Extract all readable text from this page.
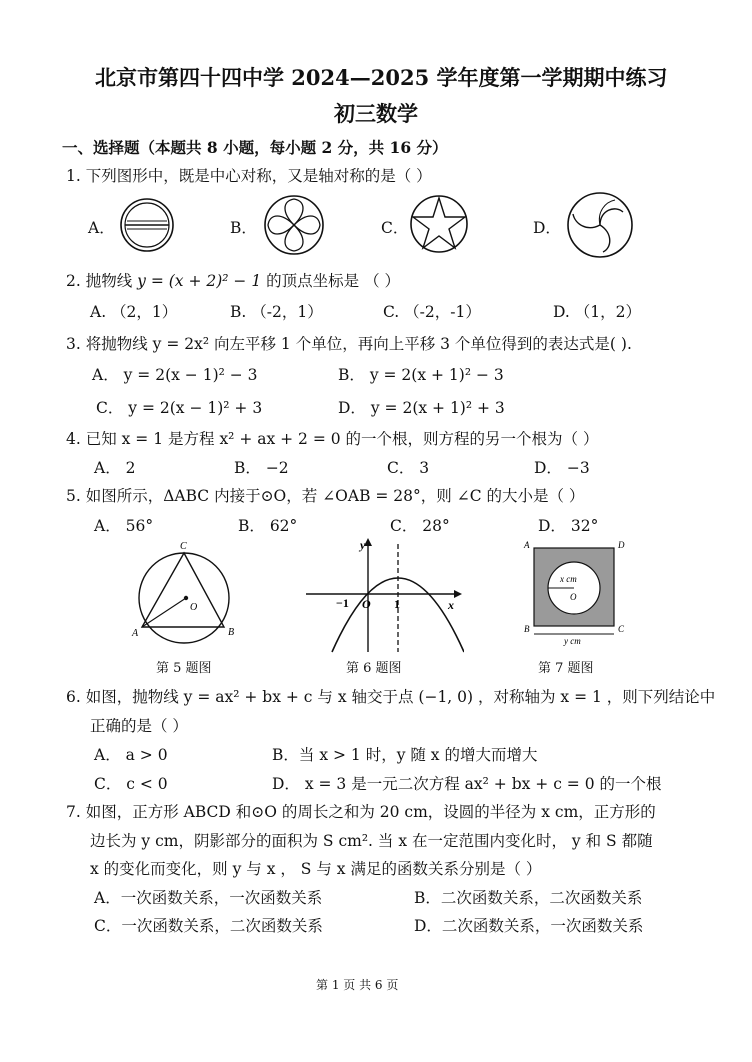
北京市第四十四中学 2024—2025 学年度第一学期期中练习
初三数学
一、选择题（本题共 8 小题，每小题 2 分，共 16 分）
1. 下列图形中，既是中心对称，又是轴对称的是（ ）
A．	B．	C．	D．
2. 抛物线 y = (x + 2)² − 1 的顶点坐标是 （ ）
A. （2，1）	B. （-2，1）	C. （-2，-1）	D. （1，2）
3. 将抛物线 y = 2x² 向左平移 1 个单位，再向上平移 3 个单位得到的表达式是( ).
A． y = 2(x − 1)² − 3	B． y = 2(x + 1)² − 3
C． y = 2(x − 1)² + 3	D． y = 2(x + 1)² + 3
4. 已知 x = 1 是方程 x² + ax + 2 = 0 的一个根，则方程的另一个根为（ ）
A． 2	B． −2	C． 3	D． −3
5. 如图所示，ΔABC 内接于⊙O，若 ∠OAB = 28°，则 ∠C 的大小是（ ）
A． 56°	B． 62°	C． 28°	D． 32°
C
A	B
O
第 5 题图
y
−1 O 1	x
第 6 题图
A	D
B	C
x cm
O
y cm
第 7 题图
6. 如图，抛物线 y = ax² + bx + c 与 x 轴交于点 (−1, 0) ，对称轴为 x = 1 ，则下列结论中
正确的是（ ）
A． a > 0	B．当 x > 1 时，y 随 x 的增大而增大
C． c < 0	D． x = 3 是一元二次方程 ax² + bx + c = 0 的一个根
7. 如图，正方形 ABCD 和⊙O 的周长之和为 20 cm，设圆的半径为 x cm，正方形的
边长为 y cm，阴影部分的面积为 S cm². 当 x 在一定范围内变化时， y 和 S 都随
x 的变化而变化，则 y 与 x ， S 与 x 满足的函数关系分别是（ ）
A．一次函数关系，一次函数关系	B．二次函数关系，二次函数关系
C．一次函数关系，二次函数关系	D．二次函数关系，一次函数关系
第 1 页 共 6 页
